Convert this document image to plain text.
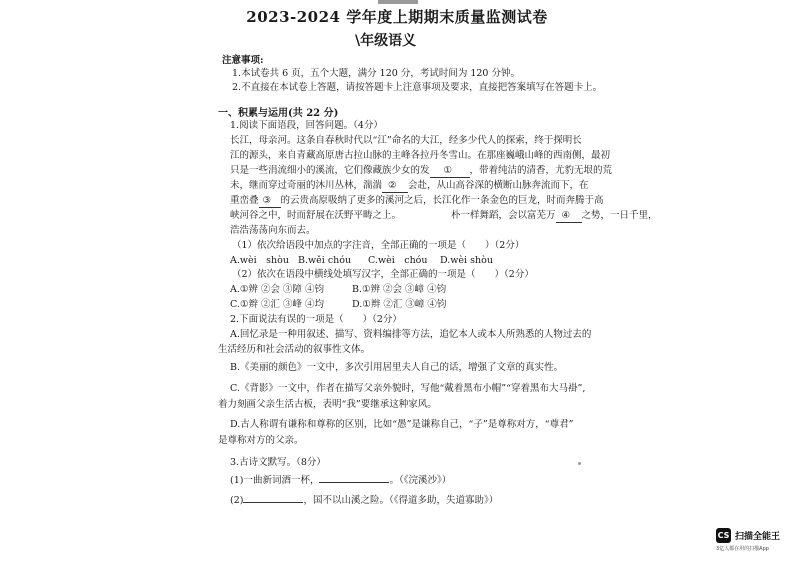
2023-2024 学年度上期期末质量监测试卷
\年级语义
注意事项:
1.本试卷共 6 页，五个大题，满分 120 分，考试时间为 120 分钟。
2.不直接在本试卷上答题，请按答题卡上注意事项及要求，直接把答案填写在答题卡上。
一、积累与运用(共 22 分)
1.阅读下面语段，回答问题。（4分）
长江，母亲河。这条自春秋时代以“江”命名的大江，经多少代人的探索，终于探明长
江的源头，来自青藏高原唐古拉山脉的主峰各拉丹冬雪山。在那座巍峨山峰的西南侧，最初
只是一些涓流细小的溪流，它们像藏族少女的发 ① ，带着纯洁的清香，尤豹无垠的荒
未，继而穿过奇丽的沐川丛林，湍湍 ② 会赴，从山高谷深的横断山脉奔流而下，在
重峦叠 ③ 的云贵高原吸纳了更多的溪河之后，长江化作一条金色的巨龙，时而奔腾于高
峡河谷之中，时而舒展在沃野平畴之上。	朴一样舞蹈，会以富芜万 ④ 之势，一日千里，
浩浩荡荡向东而去。
（1）依次给语段中加点的字注音，全部正确的一项是（　　）（2分）
A.wèi　shòu B.wěi chóu C.wèi　chóu D.wèi shòu
（2）依次在语段中横线处填写汉字，全部正确的一项是（　　）（2分）
A.①辨 ②会 ③障 ④钧	B.①辨 ②会 ③嶂 ④钧
C.①辫 ②汇 ③峰 ④均	D.①辫 ②汇 ③嶂 ④钧
2.下面说法有误的一项是（　　）（2分）
A.回忆录是一种用叙述、描写、资料编排等方法，追忆本人或本人所熟悉的人物过去的
生活经历和社会活动的叙事性文体。
B.《美丽的颜色》一文中，多次引用居里夫人自己的话，增强了文章的真实性。
C.《背影》一文中，作者在描写父亲外貌时，写他“戴着黑布小帽”“穿着黑布大马褂”,
着力刻画父亲生活古板，表明“我”要继承这种家风。
D.古人称谓有谦称和尊称的区别，比如“愚”是谦称自己，“子”是尊称对方，“尊君”
是尊称对方的父亲。
3.古诗文默写。（8分）
(1)一曲新词酒一杯，	。（《浣溪沙》）
(2)	，国不以山溪之险。（《得道多助，失道寡助》）
CS 扫描全能王
3亿人都在用的扫描App
